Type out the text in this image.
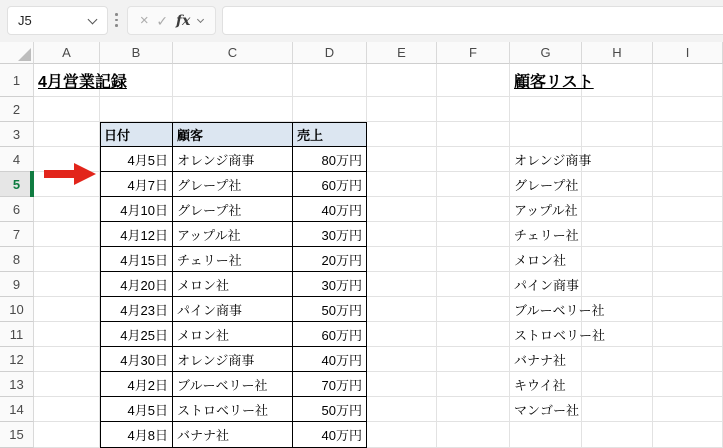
J5	× ✓ fx
A	B	C	D	E	F	G	H	I
1	4月営業記録	顧客リスト
2
3	日付	顧客	売上
4	4月5日 オレンジ商事	80万円	オレンジ商事
5	4月7日 グレープ社	60万円	グレープ社
6	4月10日 グレープ社	40万円	アップル社
7	4月12日 アップル社	30万円	チェリー社
8	4月15日 チェリー社	20万円	メロン社
9	4月20日 メロン社	30万円	パイン商事
10	4月23日 パイン商事	50万円	ブルーベリー社
11	4月25日 メロン社	60万円	ストロベリー社
12	4月30日 オレンジ商事	40万円	バナナ社
13	4月2日 ブルーベリー社	70万円	キウイ社
14	4月5日 ストロベリー社	50万円	マンゴー社
15	4月8日 バナナ社	40万円
